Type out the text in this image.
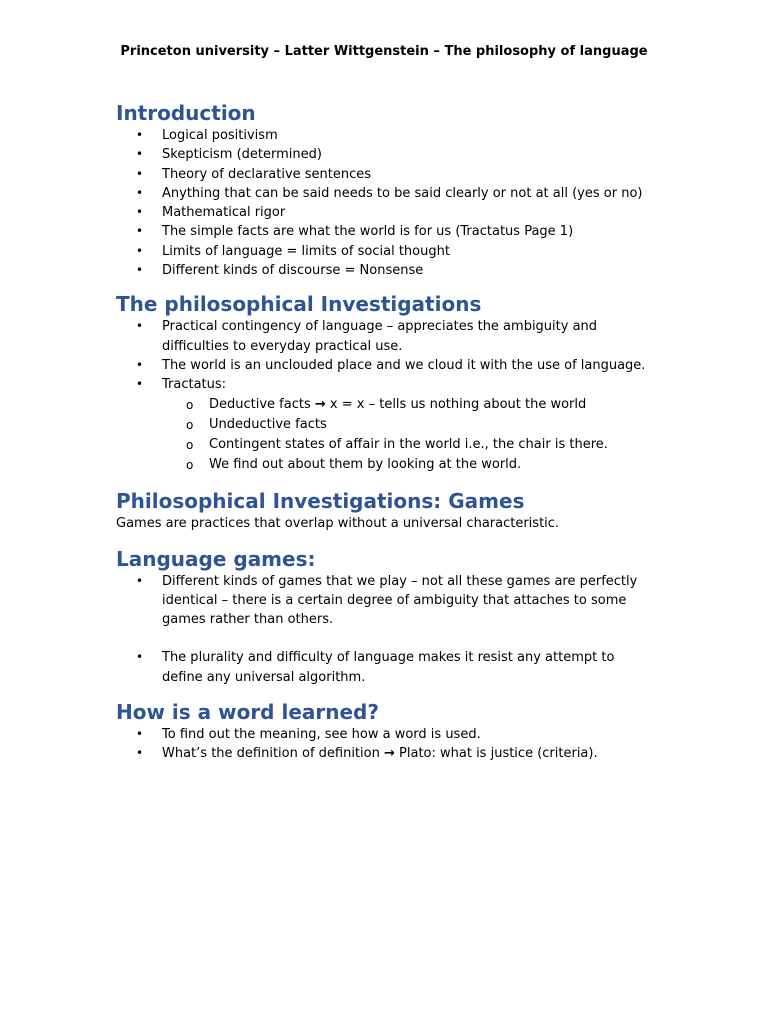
Princeton university – Latter Wittgenstein – The philosophy of language
Introduction
• Logical positivism
• Skepticism (determined)
• Theory of declarative sentences
• Anything that can be said needs to be said clearly or not at all (yes or no)
• Mathematical rigor
• The simple facts are what the world is for us (Tractatus Page 1)
• Limits of language = limits of social thought
• Different kinds of discourse = Nonsense
The philosophical Investigations
• Practical contingency of language – appreciates the ambiguity and difficulties to everyday practical use.
• The world is an unclouded place and we cloud it with the use of language.
• Tractatus:
o Deductive facts → x = x – tells us nothing about the world
o Undeductive facts
o Contingent states of affair in the world i.e., the chair is there.
o We find out about them by looking at the world.
Philosophical Investigations: Games

Games are practices that overlap without a universal characteristic.

Language games:
• Different kinds of games that we play – not all these games are perfectly identical – there is a certain degree of ambiguity that attaches to some games rather than others.
• The plurality and difficulty of language makes it resist any attempt to define any universal algorithm.
How is a word learned?
• To find out the meaning, see how a word is used.
• What’s the definition of definition → Plato: what is justice (criteria).
